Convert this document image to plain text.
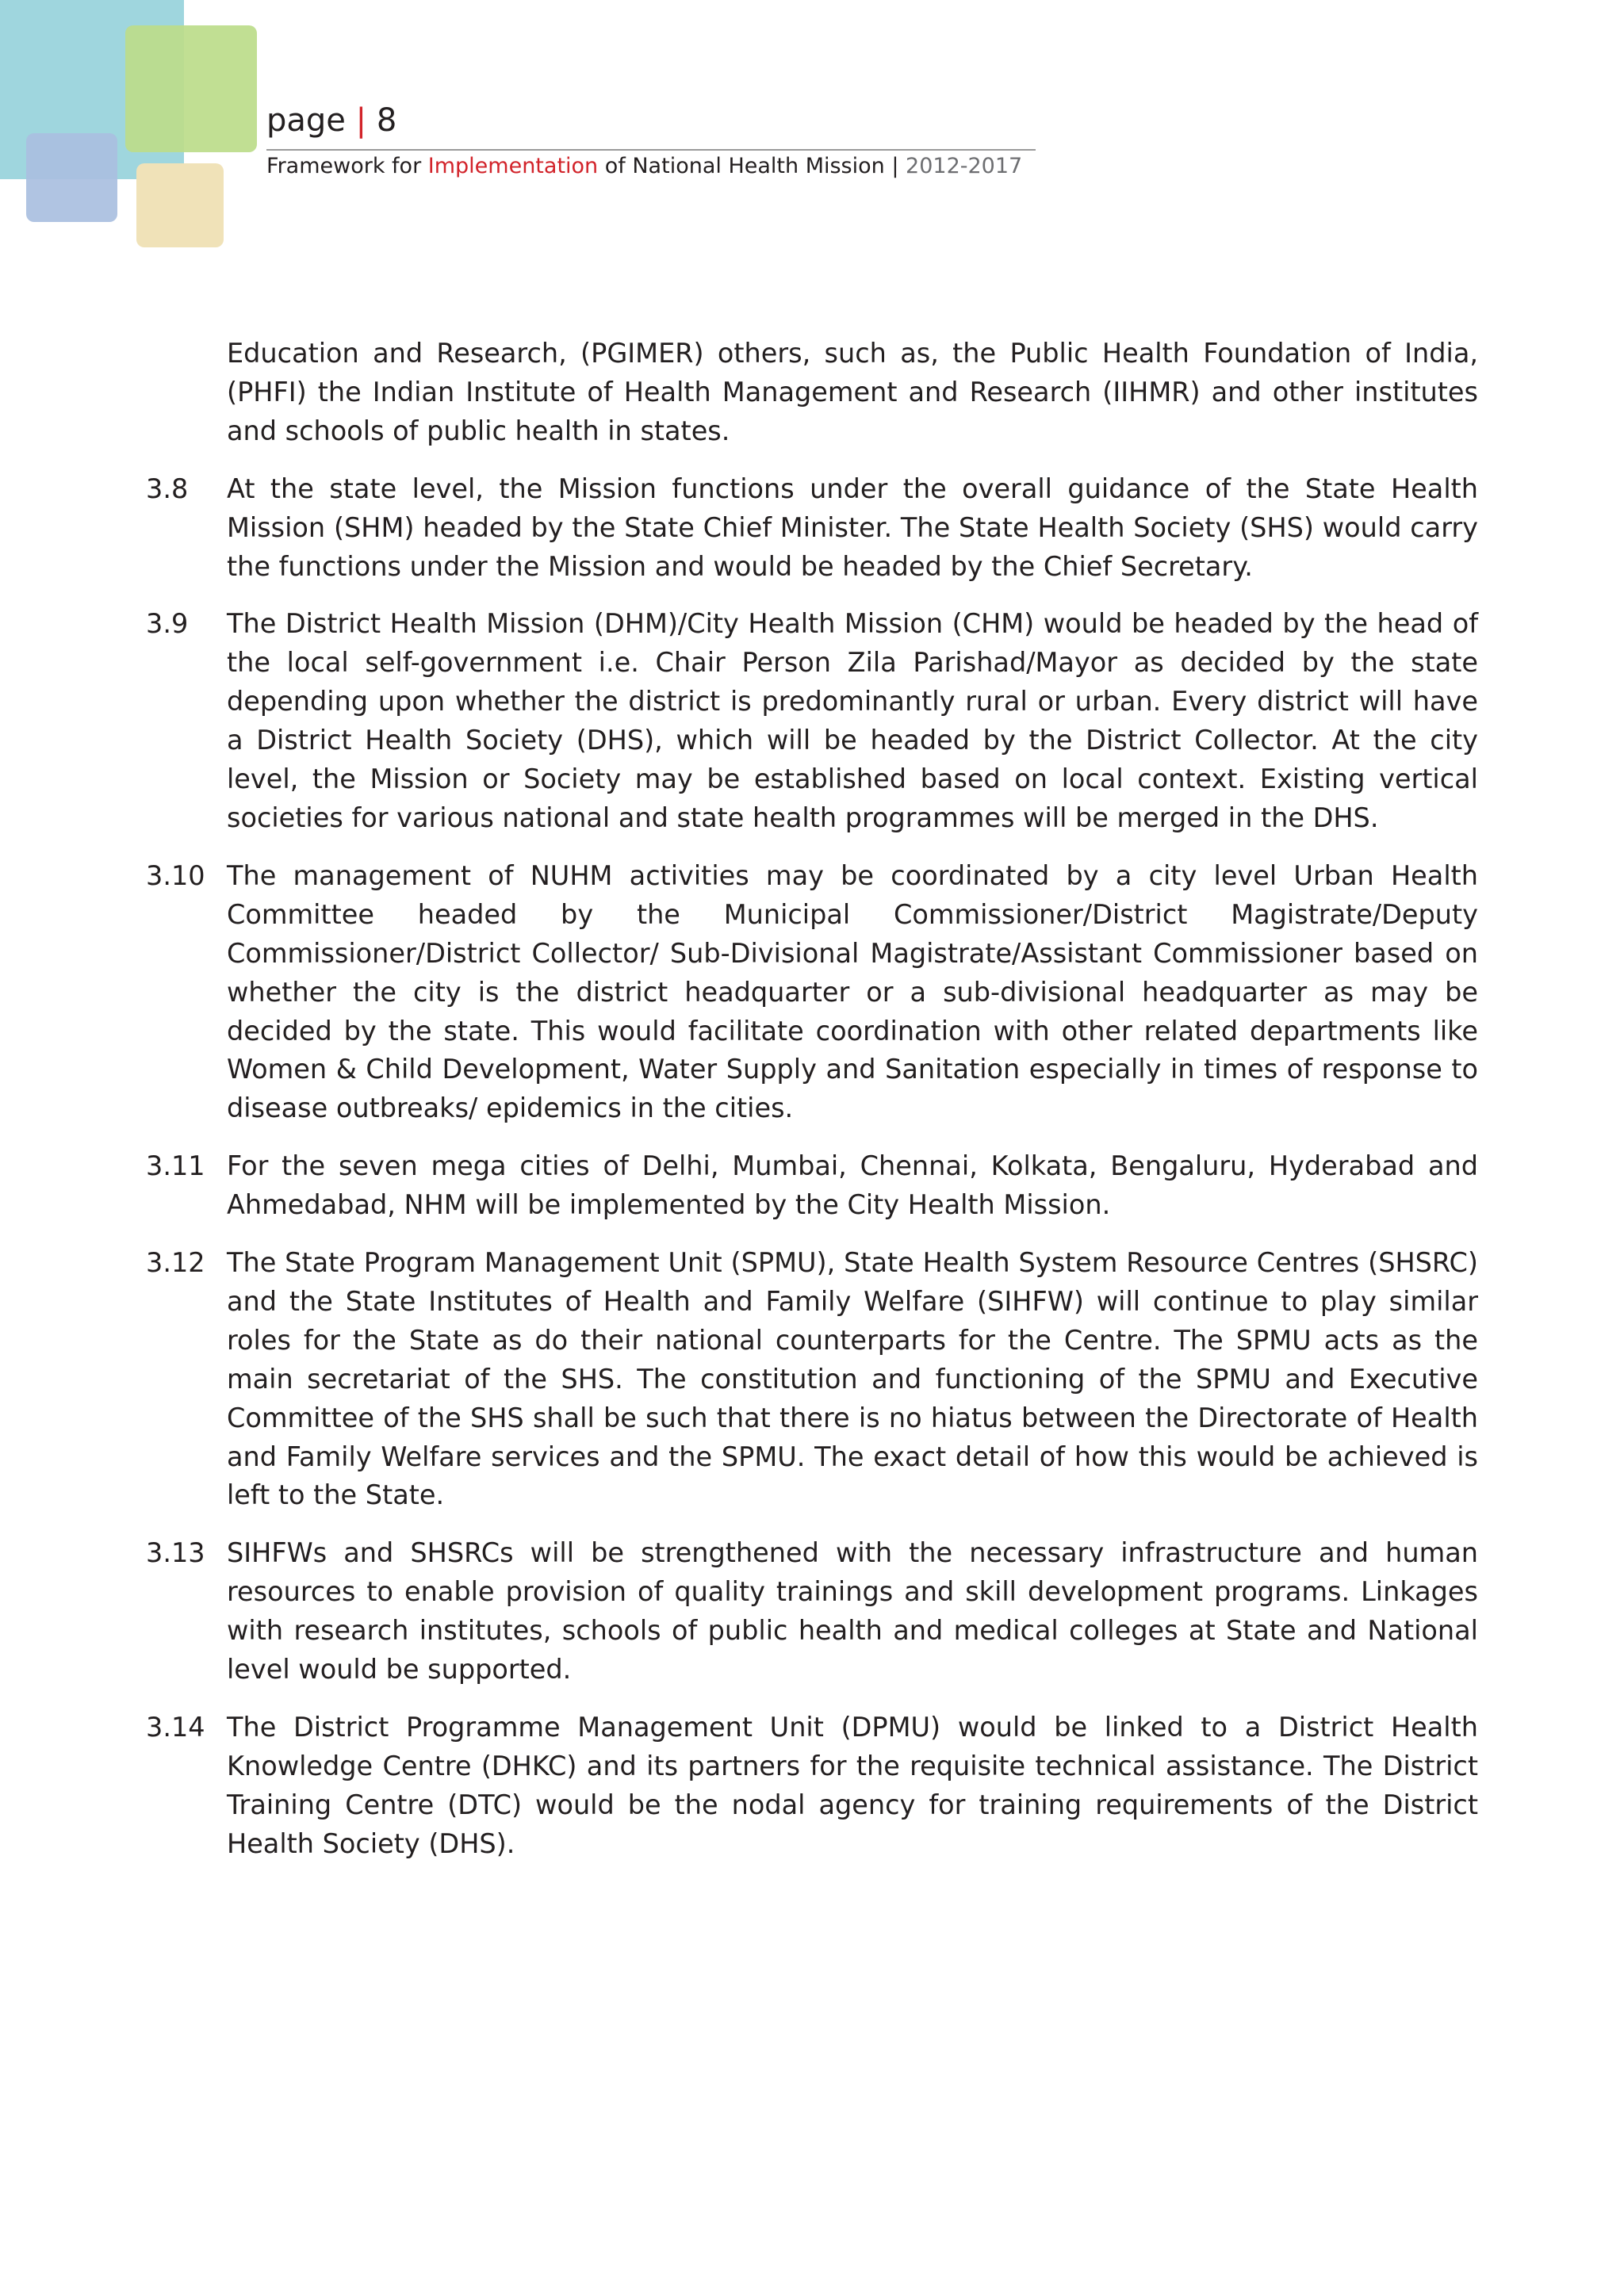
page | 8
Framework for Implementation of National Health Mission | 2012-2017
Education and Research, (PGIMER) others, such as, the Public Health Foundation of India, (PHFI) the Indian Institute of Health Management and Research (IIHMR) and other institutes and schools of public health in states.
3.8 At the state level, the Mission functions under the overall guidance of the State Health Mission (SHM) headed by the State Chief Minister. The State Health Society (SHS) would carry the functions under the Mission and would be headed by the Chief Secretary.
3.9 The District Health Mission (DHM)/City Health Mission (CHM) would be headed by the head of the local self-government i.e. Chair Person Zila Parishad/Mayor as decided by the state depending upon whether the district is predominantly rural or urban. Every district will have a District Health Society (DHS), which will be headed by the District Collector. At the city level, the Mission or Society may be established based on local context. Existing vertical societies for various national and state health programmes will be merged in the DHS.
3.10 The management of NUHM activities may be coordinated by a city level Urban Health Committee headed by the Municipal Commissioner/District Magistrate/Deputy Commissioner/District Collector/ Sub-Divisional Magistrate/Assistant Commissioner based on whether the city is the district headquarter or a sub-divisional headquarter as may be decided by the state. This would facilitate coordination with other related departments like Women & Child Development, Water Supply and Sanitation especially in times of response to disease outbreaks/ epidemics in the cities.
3.11 For the seven mega cities of Delhi, Mumbai, Chennai, Kolkata, Bengaluru, Hyderabad and Ahmedabad, NHM will be implemented by the City Health Mission.
3.12 The State Program Management Unit (SPMU), State Health System Resource Centres (SHSRC) and the State Institutes of Health and Family Welfare (SIHFW) will continue to play similar roles for the State as do their national counterparts for the Centre. The SPMU acts as the main secretariat of the SHS. The constitution and functioning of the SPMU and Executive Committee of the SHS shall be such that there is no hiatus between the Directorate of Health and Family Welfare services and the SPMU. The exact detail of how this would be achieved is left to the State.
3.13 SIHFWs and SHSRCs will be strengthened with the necessary infrastructure and human resources to enable provision of quality trainings and skill development programs. Linkages with research institutes, schools of public health and medical colleges at State and National level would be supported.
3.14 The District Programme Management Unit (DPMU) would be linked to a District Health Knowledge Centre (DHKC) and its partners for the requisite technical assistance. The District Training Centre (DTC) would be the nodal agency for training requirements of the District Health Society (DHS).
